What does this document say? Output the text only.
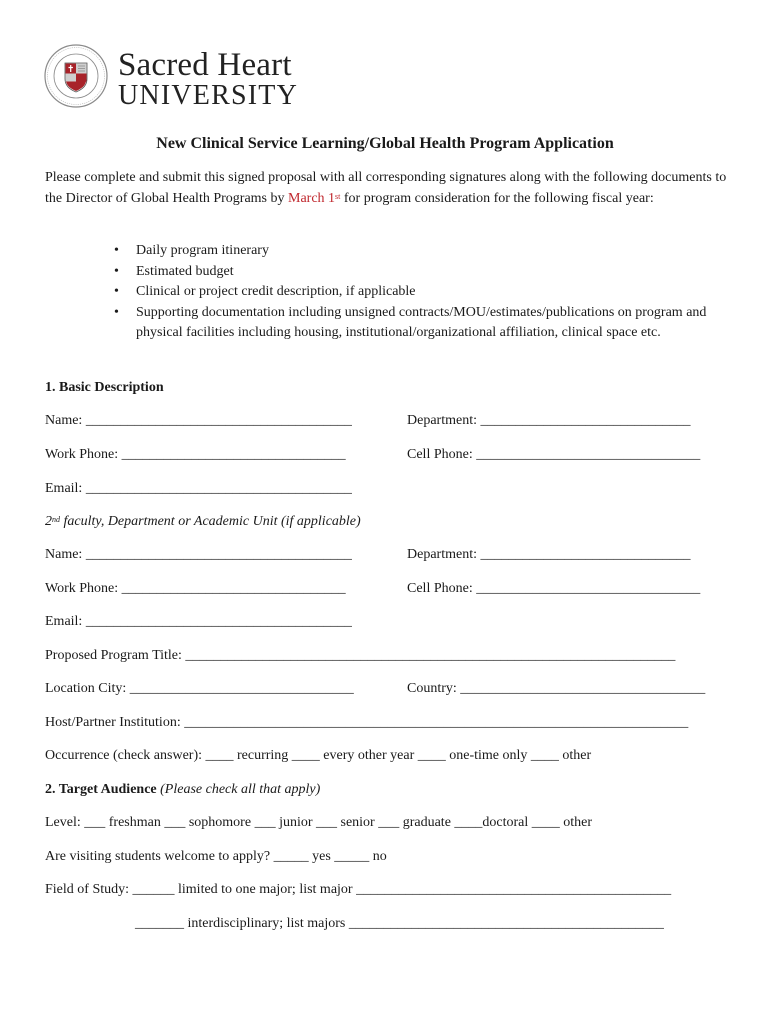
Sacred Heart
UNIVERSITY
New Clinical Service Learning/Global Health Program Application
Please complete and submit this signed proposal with all corresponding signatures along with the following documents to the Director of Global Health Programs by March 1st for program consideration for the following fiscal year:
• Daily program itinerary
• Estimated budget
• Clinical or project credit description, if applicable
• Supporting documentation including unsigned contracts/MOU/estimates/publications on program and physical facilities including housing, institutional/organizational affiliation, clinical space etc.
1. Basic Description
Name: ______________________________________	Department: ______________________________
Work Phone: ________________________________	Cell Phone: ________________________________
Email: ______________________________________
2nd faculty, Department or Academic Unit (if applicable)
Name: ______________________________________	Department: ______________________________
Work Phone: ________________________________	Cell Phone: ________________________________
Email: ______________________________________
Proposed Program Title: ______________________________________________________________________
Location City: ________________________________	Country: ___________________________________
Host/Partner Institution: ________________________________________________________________________
Occurrence (check answer): ____ recurring ____ every other year ____ one-time only ____ other
2. Target Audience (Please check all that apply)
Level: ___ freshman ___ sophomore ___ junior ___ senior ___ graduate ____doctoral ____ other
Are visiting students welcome to apply? _____ yes _____ no
Field of Study: ______ limited to one major; list major _____________________________________________
_______ interdisciplinary; list majors _____________________________________________
